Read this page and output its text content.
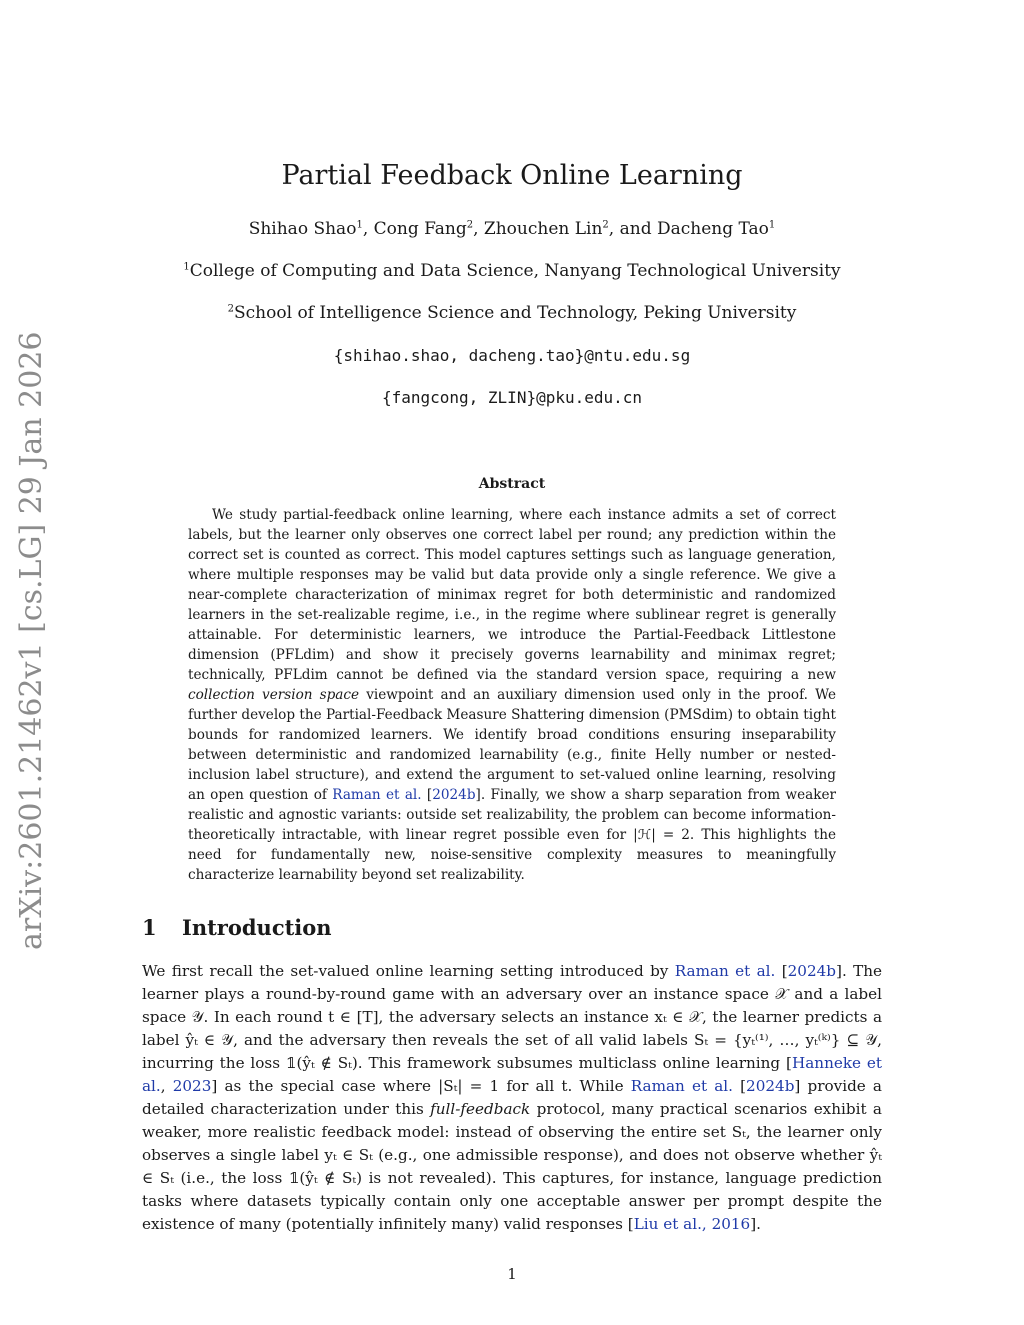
arXiv:2601.21462v1 [cs.LG] 29 Jan 2026
Partial Feedback Online Learning
Shihao Shao$^1$, Cong Fang$^2$, Zhouchen Lin$^2$, and Dacheng Tao$^1$
$^1$College of Computing and Data Science, Nanyang Technological University
$^2$School of Intelligence Science and Technology, Peking University
{shihao.shao, dacheng.tao}@ntu.edu.sg
{fangcong, ZLIN}@pku.edu.cn
Abstract
We study partial-feedback online learning, where each instance admits a set of correct labels, but the learner only observes one correct label per round; any prediction within the correct set is counted as correct. This model captures settings such as language generation, where multiple responses may be valid but data provide only a single reference. We give a near-complete characterization of minimax regret for both deterministic and randomized learners in the set-realizable regime, i.e., in the regime where sublinear regret is generally attainable. For deterministic learners, we introduce the Partial-Feedback Littlestone dimension (PFLdim) and show it precisely governs learnability and minimax regret; technically, PFLdim cannot be defined via the standard version space, requiring a new collection version space viewpoint and an auxiliary dimension used only in the proof. We further develop the Partial-Feedback Measure Shattering dimension (PMSdim) to obtain tight bounds for randomized learners. We identify broad conditions ensuring inseparability between deterministic and randomized learnability (e.g., finite Helly number or nested-inclusion label structure), and extend the argument to set-valued online learning, resolving an open question of Raman et al. [2024b]. Finally, we show a sharp separation from weaker realistic and agnostic variants: outside set realizability, the problem can become information-theoretically intractable, with linear regret possible even for |ℋ| = 2. This highlights the need for fundamentally new, noise-sensitive complexity measures to meaningfully characterize learnability beyond set realizability.
1 Introduction
We first recall the set-valued online learning setting introduced by Raman et al. [2024b]. The learner plays a round-by-round game with an adversary over an instance space 𝒳 and a label space 𝒴. In each round t ∈ [T], the adversary selects an instance xₜ ∈ 𝒳, the learner predicts a label ŷₜ ∈ 𝒴, and the adversary then reveals the set of all valid labels Sₜ = {yₜ⁽¹⁾, …, yₜ⁽ᵏ⁾} ⊆ 𝒴, incurring the loss 𝟙(ŷₜ ∉ Sₜ). This framework subsumes multiclass online learning [Hanneke et al., 2023] as the special case where |Sₜ| = 1 for all t. While Raman et al. [2024b] provide a detailed characterization under this full-feedback protocol, many practical scenarios exhibit a weaker, more realistic feedback model: instead of observing the entire set Sₜ, the learner only observes a single label yₜ ∈ Sₜ (e.g., one admissible response), and does not observe whether ŷₜ ∈ Sₜ (i.e., the loss 𝟙(ŷₜ ∉ Sₜ) is not revealed). This captures, for instance, language prediction tasks where datasets typically contain only one acceptable answer per prompt despite the existence of many (potentially infinitely many) valid responses [Liu et al., 2016].
1
